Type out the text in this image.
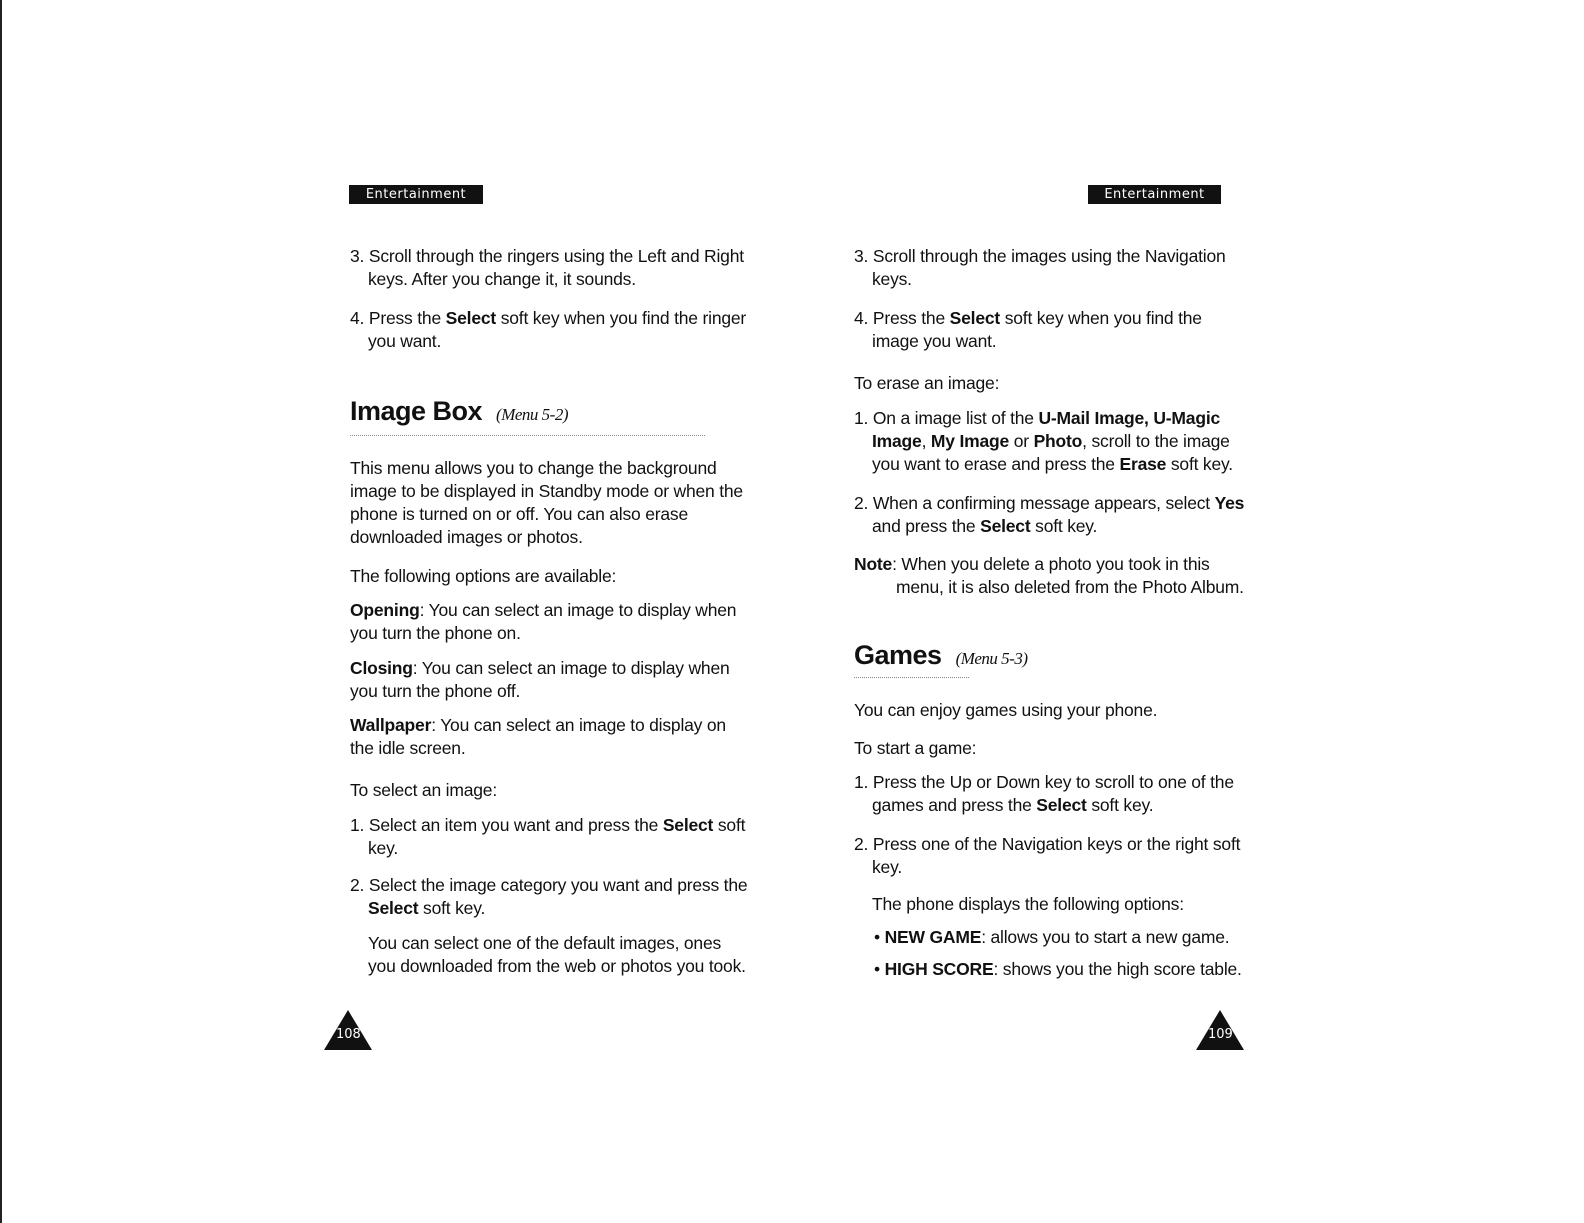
Entertainment
3. Scroll through the ringers using the Left and Right
keys. After you change it, it sounds.
4. Press the Select soft key when you find the ringer
you want.
Image Box (Menu 5-2)
This menu allows you to change the background
image to be displayed in Standby mode or when the
phone is turned on or off. You can also erase
downloaded images or photos.
The following options are available:
Opening: You can select an image to display when
you turn the phone on.
Closing: You can select an image to display when
you turn the phone off.
Wallpaper: You can select an image to display on
the idle screen.
To select an image:
1. Select an item you want and press the Select soft
key.
2. Select the image category you want and press the
Select soft key.
You can select one of the default images, ones
you downloaded from the web or photos you took.
108
Entertainment
3. Scroll through the images using the Navigation
keys.
4. Press the Select soft key when you find the
image you want.
To erase an image:
1. On a image list of the U-Mail Image, U-Magic
Image, My Image or Photo, scroll to the image
you want to erase and press the Erase soft key.
2. When a confirming message appears, select Yes
and press the Select soft key.
Note: When you delete a photo you took in this
menu, it is also deleted from the Photo Album.
Games (Menu 5-3)
You can enjoy games using your phone.
To start a game:
1. Press the Up or Down key to scroll to one of the
games and press the Select soft key.
2. Press one of the Navigation keys or the right soft
key.
The phone displays the following options:
• NEW GAME: allows you to start a new game.
• HIGH SCORE: shows you the high score table.
109
